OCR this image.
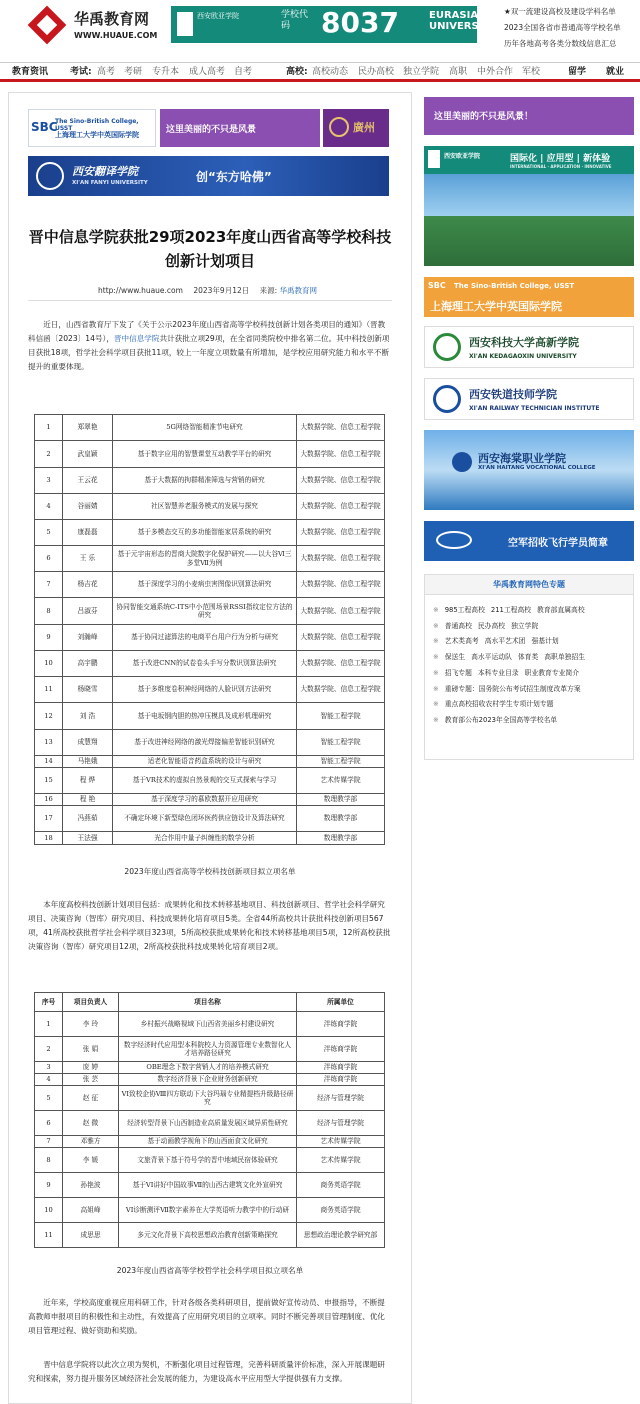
华禹教育网
WWW.HUAUE.COM
西安欧亚学院	学校代码	8037	EURASIA UNIVERSITY
★双一流建设高校及建设学科名单
2023全国各省市普通高等学校名单
历年各地高考各类分数线信息汇总
教育资讯 考试: 高考 考研 专升本 成人高考 自考	高校: 高校动态 民办高校 独立学院 高职 中外合作 军校	留学 就业
SBC
The Sino-British College, USST
上海理工大学中英国际学院	这里美丽的不只是风景	廣州
西安翻译学院
XI'AN FANYI UNIVERSITY	创“东方哈佛”
晋中信息学院获批29项2023年度山西省高等学校科技创新计划项目
http://www.huaue.com 2023年9月12日 来源: 华禹教育网
近日，山西省教育厅下发了《关于公示2023年度山西省高等学校科技创新计划各类项目的通知》（晋教科信函〔2023〕14号），晋中信息学院共计获批立项29项，在全省同类院校中排名第二位。其中科技创新项目获批18项，哲学社会科学项目获批11项，较上一年度立项数量有所增加，是学校应用研究能力和水平不断提升的重要体现。
1	郑翠艳	5G网络智能精准节电研究	大数据学院、信息工程学院
2	武皇颖	基于数字应用的智慧课堂互动教学平台的研究	大数据学院、信息工程学院
3	王云花	基于大数据的拘群精准筛选与营销的研究	大数据学院、信息工程学院
4	谷丽婧	社区智慧养老服务模式的发展与探究	大数据学院、信息工程学院
5	康磊磊	基于多模态交互的多功能智能家居系统的研究	大数据学院、信息工程学院
6	王 乐	基于元宇宙形态的晋商大院数字化保护研究——以大谷Ⅵ三多堂Ⅶ为例	大数据学院、信息工程学院
7	杨吉花	基于深度学习的小麦病虫害图像识别算法研究	大数据学院、信息工程学院
8	吕淑芬	协同智能交通系统C-ITS中小范围场景RSSI指纹定位方法的研究	大数据学院、信息工程学院
9	刘瀚峰	基于协同过滤算法的电商平台用户行为分析与研究	大数据学院、信息工程学院
10	高宇鹏	基于改进CNN的试卷卷头手写分数识别算法研究	大数据学院、信息工程学院
11	杨晓雪	基于多维度卷积神经网络的人脸识别方法研究	大数据学院、信息工程学院
12	刘 浩	基于电坂钢内胆的热冲压模具及成形机理研究	智能工程学院
13	成慧翔	基于改进神经网络的激光焊接偏差智能识别研究	智能工程学院
14	马艳娥	适老化智能语音药盒系统的设计与研究	智能工程学院
15	程 烨	基于VR技术的虚拟自然景观的交互式探索与学习	艺术传媒学院
16	程 艳	基于深度学习的慕欧数据开应用研究	数理教学部
17	冯燕茹	不确定环境下新型绿色闭环医药供应链设计及算法研究	数理教学部
18	王法强	光合作用中量子纠缠性的数学分析	数理教学部
2023年度山西省高等学校科技创新项目拟立项名单
本年度高校科技创新计划项目包括：成果转化和技术转移基地项目、科技创新项目、哲学社会科学研究项目、决策咨询（智库）研究项目、科技成果转化培育项目5类。全省44所高校共计获批科技创新项目567项，41所高校获批哲学社会科学项目323项，5所高校获批成果转化和技术转移基地项目5项，12所高校获批决策咨询（智库）研究项目12项，2所高校获批科技成果转化培育项目2项。
序号	项目负责人	项目名称	所属单位
1	李 玲	乡村振兴战略视域下山西省美丽乡村建设研究	泮练商学院
2	张 娟	数字经济时代应用型本科院校人力资源管理专业数智化人才培养路径研究	泮练商学院
3	庞 婷	OBE理念下数字营销人才的培养模式研究	泮练商学院
4	张 芸	数字经济背景下企业财务创新研究	泮练商学院
5	赵 征	VI致校企协Ⅷ四方联动下大谷玛瑙专业精提档升级路径研究	经济与管理学院
6	赵 微	经济转型背景下山西制造业高质量发展区域异质性研究	经济与管理学院
7	邓雅方	基于动画教学视角下的山西面食文化研究	艺术传媒学院
8	李 媛	文旅背景下基于符号学的晋中地域民宿体验研究	艺术传媒学院
9	孙艳波	基于VI讲好中国故事Ⅶ的山西古建筑文化外宣研究	商务英语学院
10	高姐峰	VI诊断测评Ⅶ数字素养在大学英语听力教学中的行动研	商务英语学院
11	成思思	多元文化背景下高校思想政治教育创新策略探究	思想政治理论教学研究部
2023年度山西省高等学校哲学社会科学项目拟立项名单
近年来，学校高度重视应用科研工作，针对各级各类科研项目，提前做好宣传动员、申报指导，不断提高教师申报项目的积极性和主动性，有效提高了应用研究项目的立项率。同时不断完善项目管理制度、优化项目管理过程、做好资助和奖励。
晋中信息学院将以此次立项为契机，不断强化项目过程管理，完善科研质量评价标准，深入开展课题研究和探索，努力提升服务区域经济社会发展的能力，为建设高水平应用型大学提供强有力支撑。
这里美丽的不只是风景！
西安欧亚学院	国际化 | 应用型 | 新体验
INTERNATIONAL · APPLICATION · INNOVATIVE
SBC The Sino-British College, USST
上海理工大学中英国际学院
西安科技大学高新学院
XI'AN KEDAGAOXIN UNIVERSITY
西安铁道技师学院
XI'AN RAILWAY TECHNICIAN INSTITUTE
西安海棠职业学院
XI'AN HAITANG VOCATIONAL COLLEGE
空军招收飞行学员简章
华禹教育网特色专题
※ 985工程高校 211工程高校 教育部直属高校
※ 普通高校 民办高校 独立学院
※ 艺术类高考 高水平艺术团 强基计划
※ 保送生 高水平运动队 体育类 高职单独招生
※ 招飞专题 本科专业目录 职业教育专业简介
※ 重磅专题：国务院公布考试招生制度改革方案
※ 重点高校招收农村学生专项计划专题
※ 教育部公布2023年全国高等学校名单
